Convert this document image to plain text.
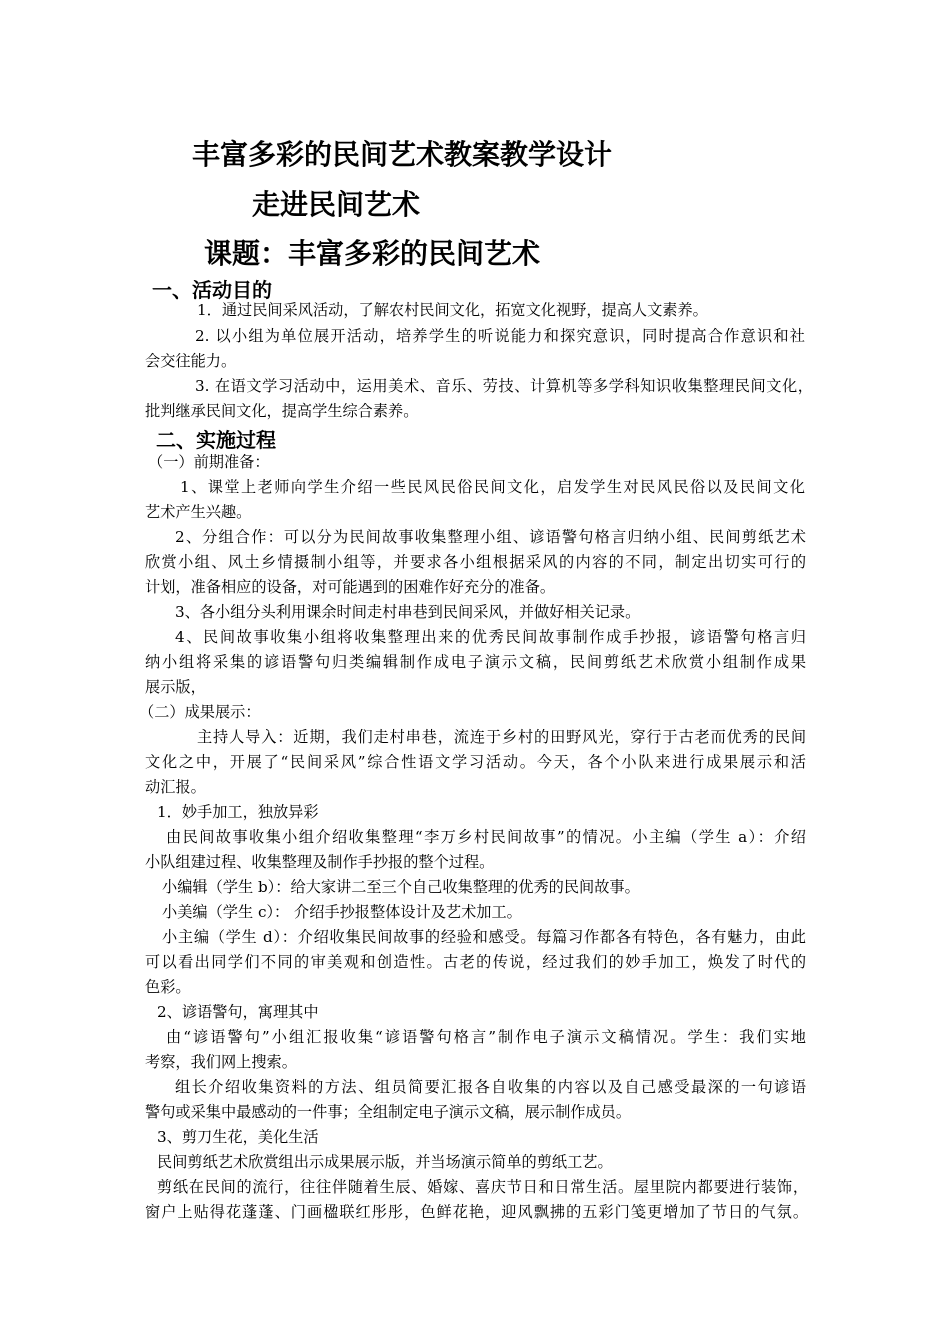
丰富多彩的民间艺术教案教学设计
走进民间艺术
课题：丰富多彩的民间艺术
一、活动目的
1．通过民间采风活动，了解农村民间文化，拓宽文化视野，提高人文素养。
2. 以小组为单位展开活动，培养学生的听说能力和探究意识，同时提高合作意识和社
会交往能力。
3. 在语文学习活动中，运用美术、音乐、劳技、计算机等多学科知识收集整理民间文化，
批判继承民间文化，提高学生综合素养。
二、实施过程
（一）前期准备：
1、课堂上老师向学生介绍一些民风民俗民间文化，启发学生对民风民俗以及民间文化
艺术产生兴趣。
2、分组合作：可以分为民间故事收集整理小组、谚语警句格言归纳小组、民间剪纸艺术
欣赏小组、风土乡情摄制小组等，并要求各小组根据采风的内容的不同，制定出切实可行的
计划，准备相应的设备，对可能遇到的困难作好充分的准备。
3、各小组分头利用课余时间走村串巷到民间采风，并做好相关记录。
4、民间故事收集小组将收集整理出来的优秀民间故事制作成手抄报，谚语警句格言归
纳小组将采集的谚语警句归类编辑制作成电子演示文稿，民间剪纸艺术欣赏小组制作成果
展示版，
（二）成果展示：
主持人导入：近期，我们走村串巷，流连于乡村的田野风光，穿行于古老而优秀的民间
文化之中，开展了“民间采风”综合性语文学习活动。今天，各个小队来进行成果展示和活
动汇报。
1．妙手加工，独放异彩
由民间故事收集小组介绍收集整理“李万乡村民间故事”的情况。小主编（学生 a）：介绍
小队组建过程、收集整理及制作手抄报的整个过程。
小编辑（学生 b）：给大家讲二至三个自己收集整理的优秀的民间故事。
小美编（学生 c）： 介绍手抄报整体设计及艺术加工。
小主编（学生 d）：介绍收集民间故事的经验和感受。每篇习作都各有特色，各有魅力，由此
可以看出同学们不同的审美观和创造性。古老的传说，经过我们的妙手加工，焕发了时代的
色彩。
2、谚语警句，寓理其中
由“谚语警句”小组汇报收集“谚语警句格言”制作电子演示文稿情况。学生：我们实地
考察，我们网上搜索。
组长介绍收集资料的方法、组员简要汇报各自收集的内容以及自己感受最深的一句谚语
警句或采集中最感动的一件事；全组制定电子演示文稿，展示制作成员。
3、剪刀生花，美化生活
民间剪纸艺术欣赏组出示成果展示版，并当场演示简单的剪纸工艺。
剪纸在民间的流行，往往伴随着生辰、婚嫁、喜庆节日和日常生活。屋里院内都要进行装饰，
窗户上贴得花蓬蓬、门画楹联红彤彤，色鲜花艳，迎风飘拂的五彩门笺更增加了节日的气氛。
